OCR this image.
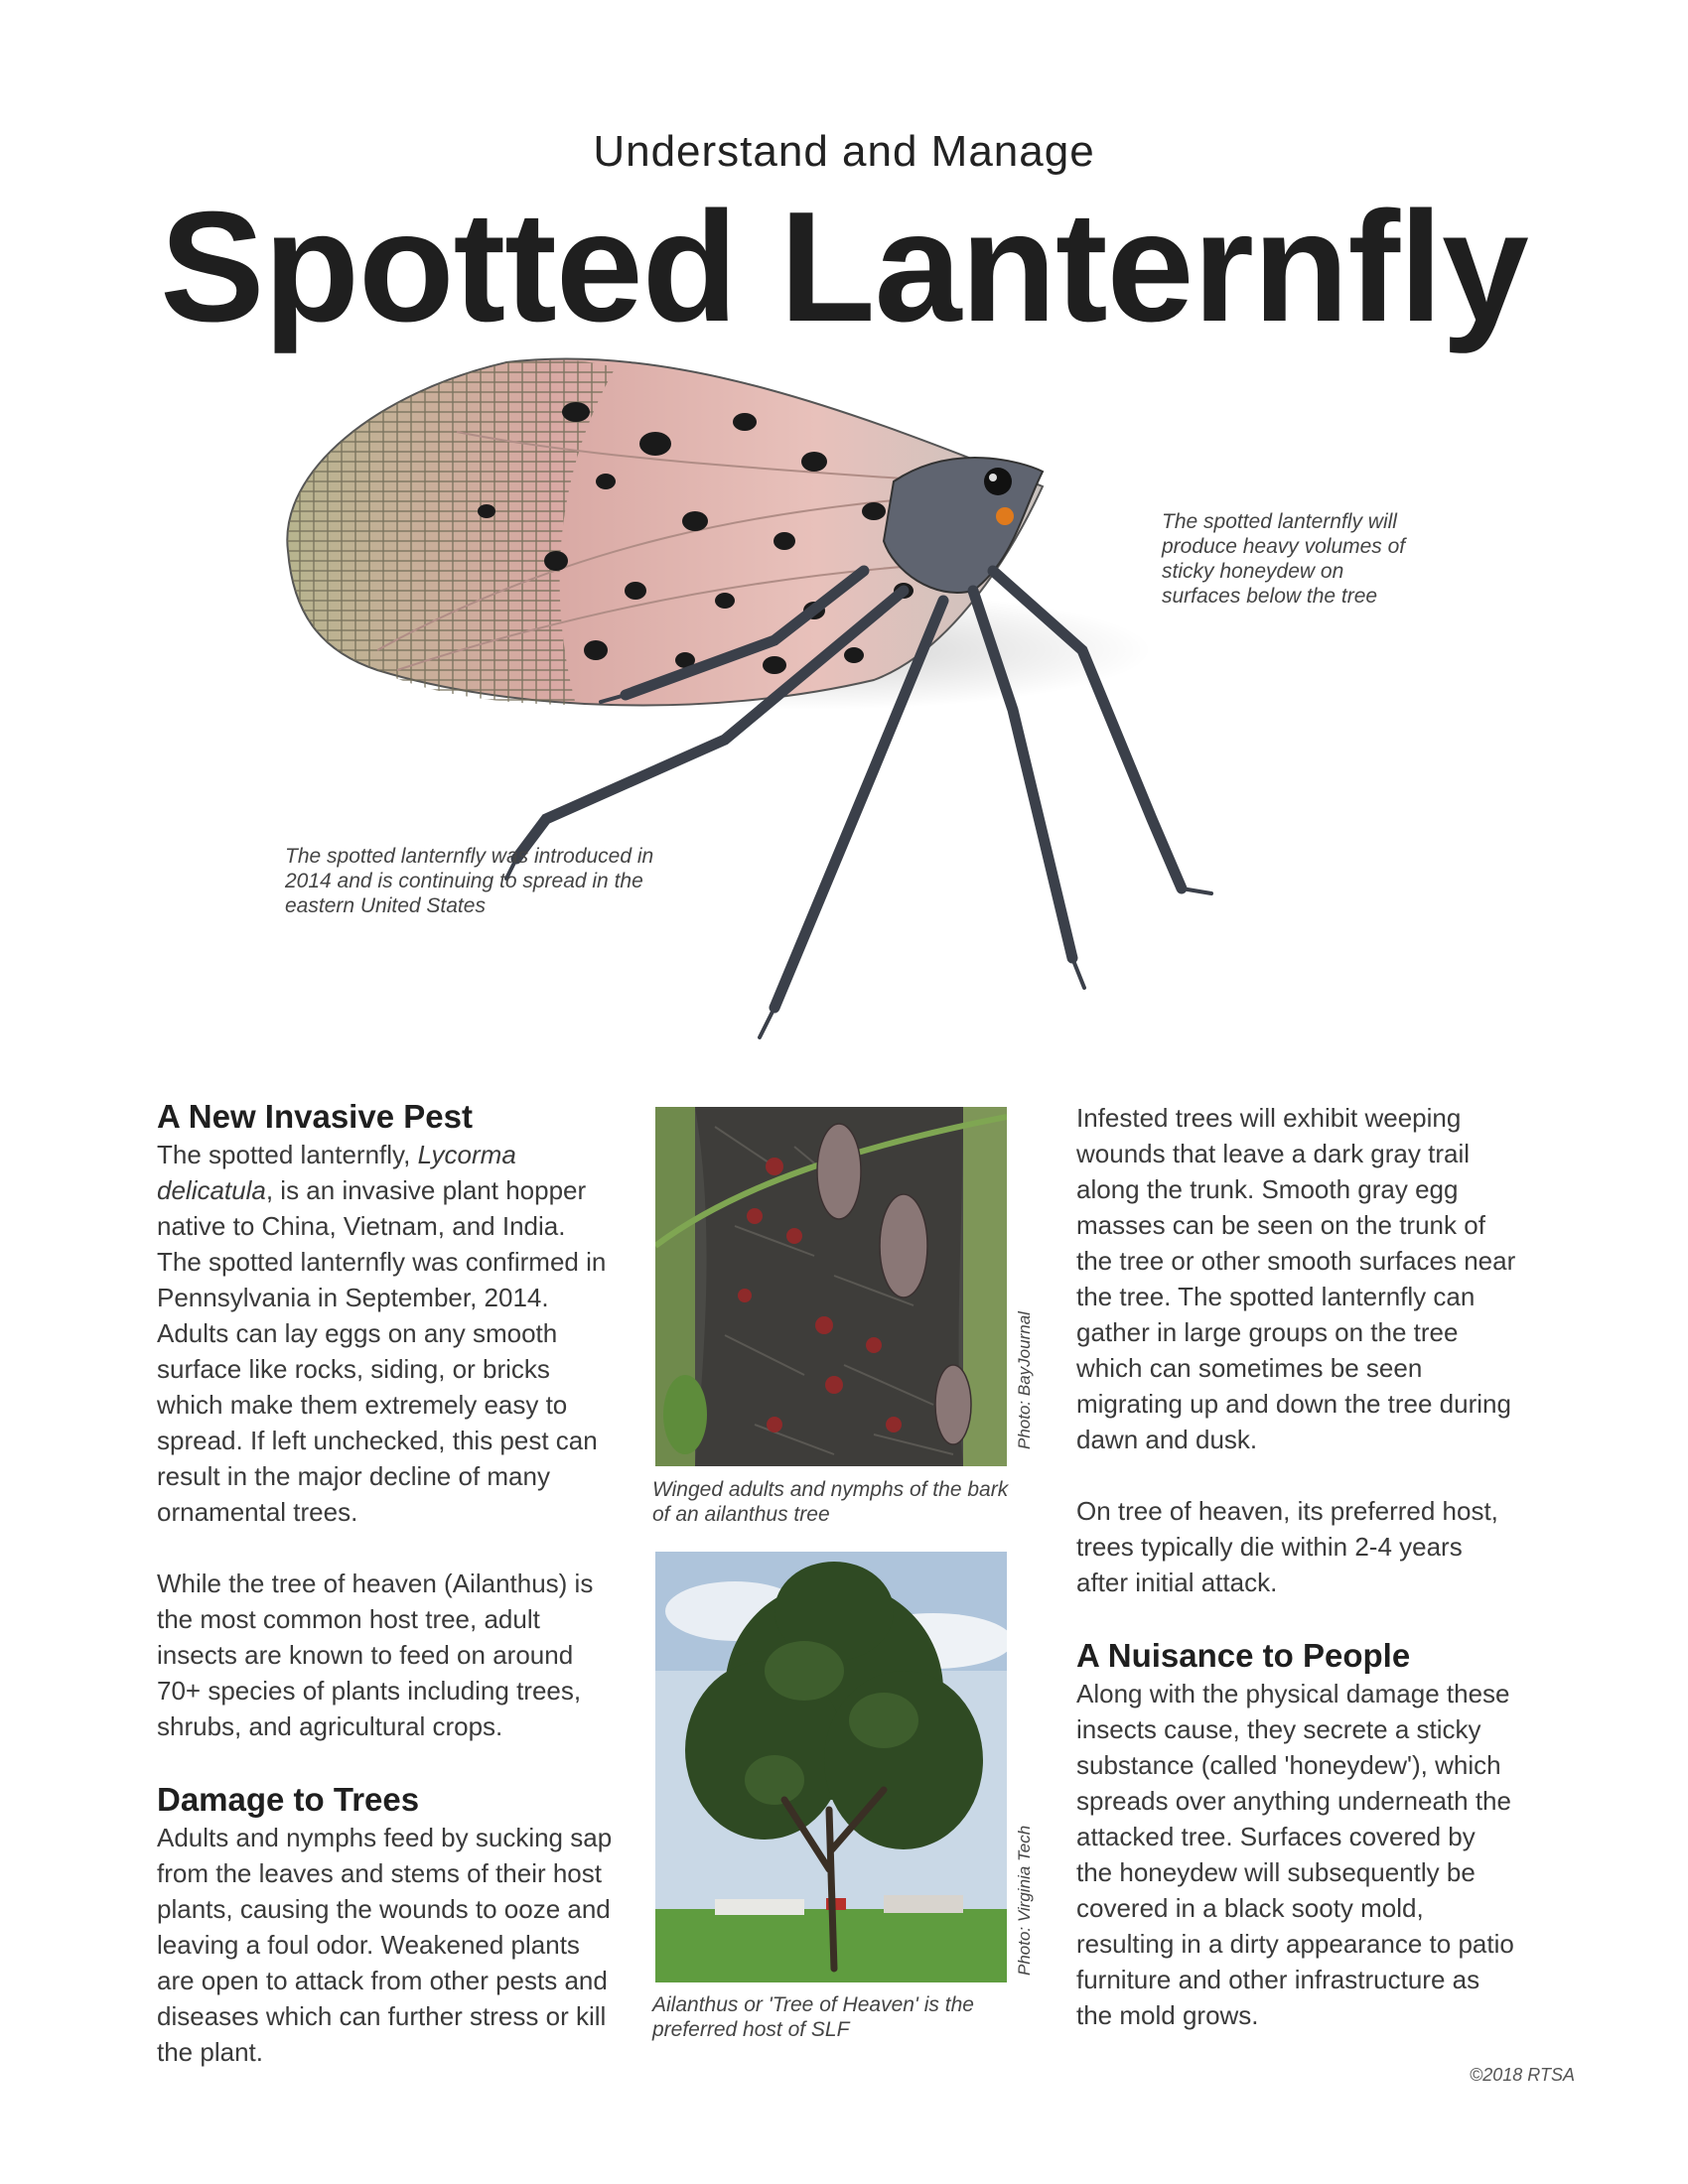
Understand and Manage
Spotted Lanternfly
The spotted lanternfly will produce heavy volumes of sticky honeydew on surfaces below the tree
The spotted lanternfly was introduced in 2014 and is continuing to spread in the eastern United States
A New Invasive Pest

The spotted lanternfly, Lycorma delicatula, is an invasive plant hopper native to China, Vietnam, and India. The spotted lanternfly was confirmed in Pennsylvania in September, 2014. Adults can lay eggs on any smooth surface like rocks, siding, or bricks which make them extremely easy to spread. If left unchecked, this pest can result in the major decline of many ornamental trees.

While the tree of heaven (Ailanthus) is the most common host tree, adult insects are known to feed on around 70+ species of plants including trees, shrubs, and agricultural crops.

Damage to Trees

Adults and nymphs feed by sucking sap from the leaves and stems of their host plants, causing the wounds to ooze and leaving a foul odor. Weakened plants are open to attack from other pests and diseases which can further stress or kill the plant.

Photo: BayJournal
Winged adults and nymphs of the bark of an ailanthus tree
Photo: Virginia Tech
Ailanthus or 'Tree of Heaven' is the preferred host of SLF

Infested trees will exhibit weeping wounds that leave a dark gray trail along the trunk. Smooth gray egg masses can be seen on the trunk of the tree or other smooth surfaces near the tree. The spotted lanternfly can gather in large groups on the tree which can sometimes be seen migrating up and down the tree during dawn and dusk.

On tree of heaven, its preferred host, trees typically die within 2-4 years after initial attack.

A Nuisance to People

Along with the physical damage these insects cause, they secrete a sticky substance (called 'honeydew'), which spreads over anything underneath the attacked tree. Surfaces covered by the honeydew will subsequently be covered in a black sooty mold, resulting in a dirty appearance to patio furniture and other infrastructure as the mold grows.

©2018 RTSA
